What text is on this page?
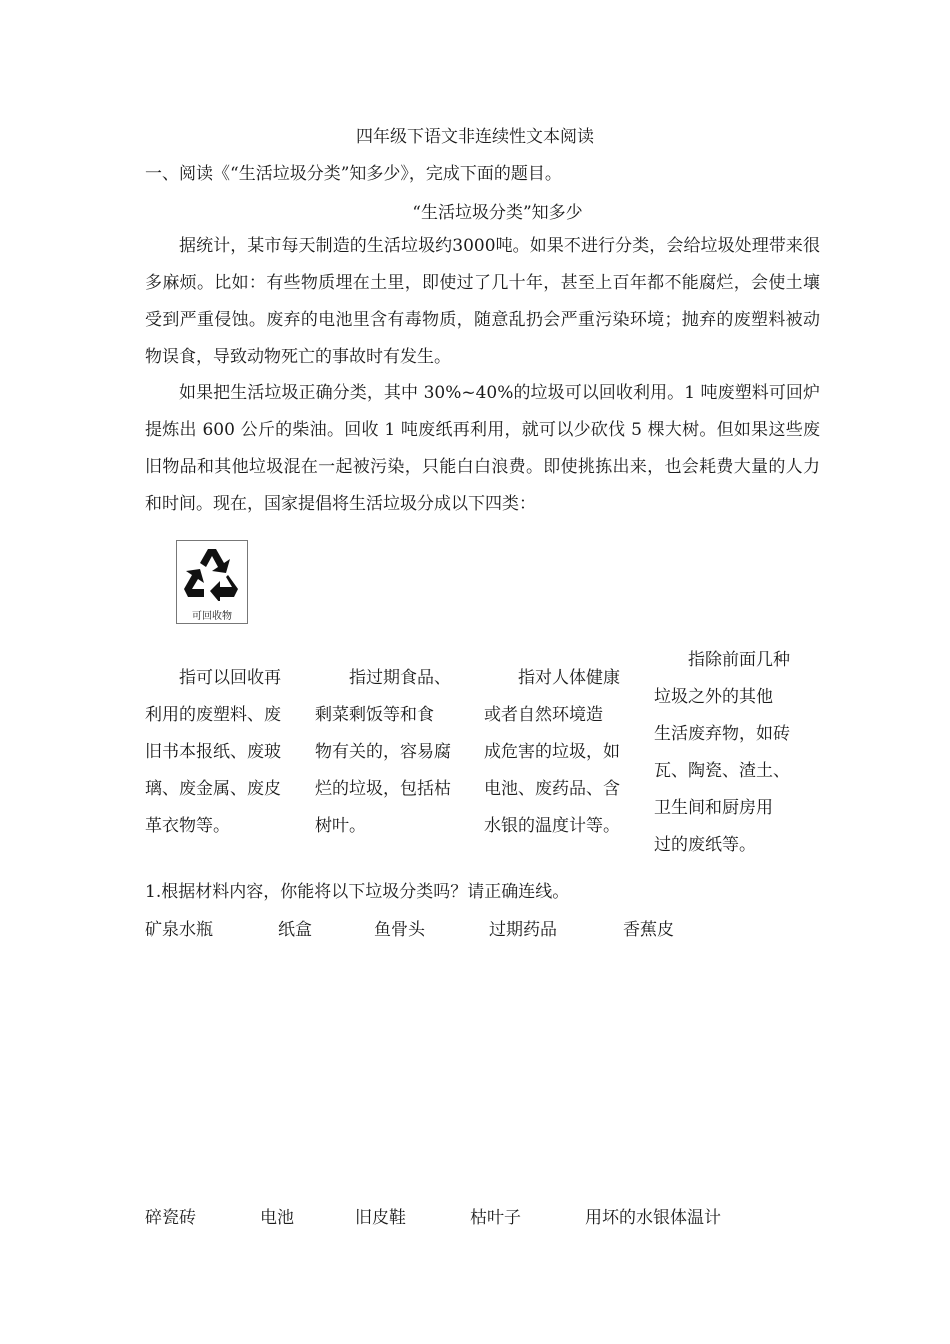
四年级下语文非连续性文本阅读
一、阅读《“生活垃圾分类”知多少》，完成下面的题目。
“生活垃圾分类”知多少
据统计，某市每天制造的生活垃圾约3000吨。如果不进行分类，会给垃圾处理带来很多麻烦。比如：有些物质埋在土里，即使过了几十年，甚至上百年都不能腐烂，会使土壤受到严重侵蚀。废弃的电池里含有毒物质，随意乱扔会严重污染环境；抛弃的废塑料被动物误食，导致动物死亡的事故时有发生。
如果把生活垃圾正确分类，其中 30%~40%的垃圾可以回收利用。1 吨废塑料可回炉提炼出 600 公斤的柴油。回收 1 吨废纸再利用，就可以少砍伐 5 棵大树。但如果这些废旧物品和其他垃圾混在一起被污染，只能白白浪费。即使挑拣出来，也会耗费大量的人力和时间。现在，国家提倡将生活垃圾分成以下四类：
可回收物
　　指可以回收再
利用的废塑料、废
旧书本报纸、废玻
璃、废金属、废皮
革衣物等。
　　指过期食品、
剩菜剩饭等和食
物有关的，容易腐
烂的垃圾，包括枯
树叶。
　　指对人体健康
或者自然环境造
成危害的垃圾，如
电池、废药品、含
水银的温度计等。
　　指除前面几种
垃圾之外的其他
生活废弃物，如砖
瓦、陶瓷、渣土、
卫生间和厨房用
过的废纸等。
1.根据材料内容，你能将以下垃圾分类吗？请正确连线。
矿泉水瓶	纸盒	鱼骨头	过期药品	香蕉皮
碎瓷砖	电池	旧皮鞋	枯叶子	用坏的水银体温计
